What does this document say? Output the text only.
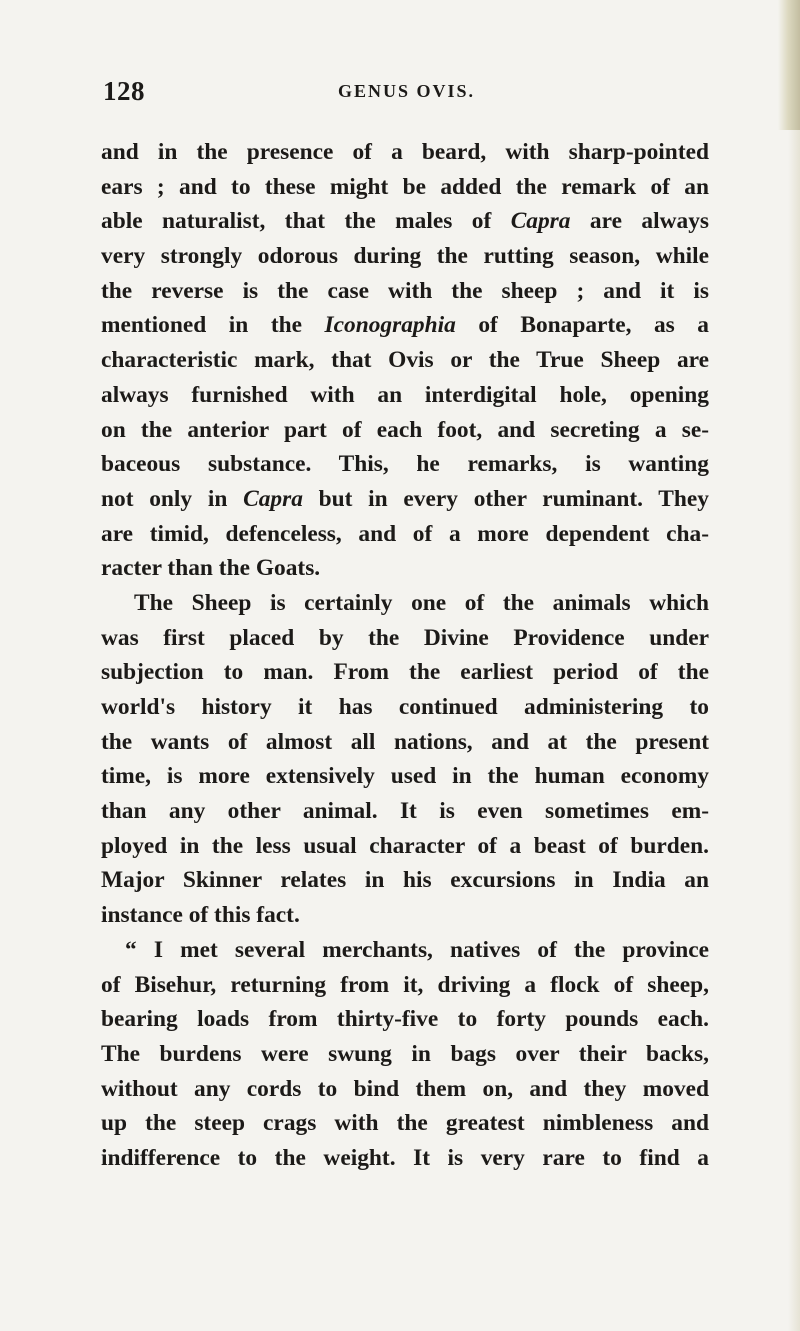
128	GENUS OVIS.
and in the presence of a beard, with sharp-pointed
ears ; and to these might be added the remark of an
able naturalist, that the males of Capra are always
very strongly odorous during the rutting season, while
the reverse is the case with the sheep ; and it is
mentioned in the Iconographia of Bonaparte, as a
characteristic mark, that Ovis or the True Sheep are
always furnished with an interdigital hole, opening
on the anterior part of each foot, and secreting a se-
baceous substance. This, he remarks, is wanting
not only in Capra but in every other ruminant. They
are timid, defenceless, and of a more dependent cha-
racter than the Goats.
The Sheep is certainly one of the animals which
was first placed by the Divine Providence under
subjection to man. From the earliest period of the
world's history it has continued administering to
the wants of almost all nations, and at the present
time, is more extensively used in the human economy
than any other animal. It is even sometimes em-
ployed in the less usual character of a beast of burden.
Major Skinner relates in his excursions in India an
instance of this fact.
“ I met several merchants, natives of the province
of Bisehur, returning from it, driving a flock of sheep,
bearing loads from thirty-five to forty pounds each.
The burdens were swung in bags over their backs,
without any cords to bind them on, and they moved
up the steep crags with the greatest nimbleness and
indifference to the weight. It is very rare to find a
